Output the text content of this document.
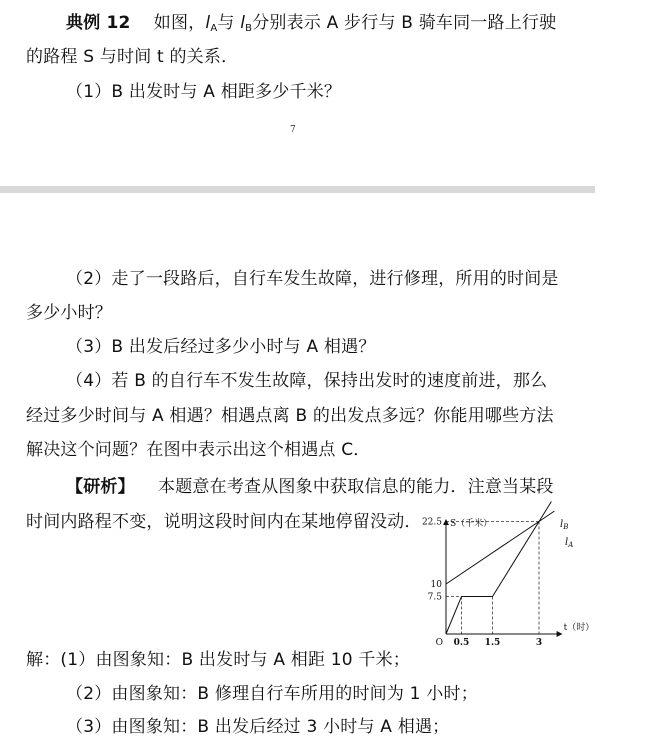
典例 12 如图，$l_A$与 $l_B$分别表示 A 步行与 B 骑车同一路上行驶
的路程 S 与时间 t 的关系．
（1）B 出发时与 A 相距多少千米？
7
（2）走了一段路后，自行车发生故障，进行修理，所用的时间是
多少小时？
（3）B 出发后经过多少小时与 A 相遇？
（4）若 B 的自行车不发生故障，保持出发时的速度前进，那么
经过多少时间与 A 相遇？相遇点离 B 的出发点多远？你能用哪些方法
解决这个问题？在图中表示出这个相遇点 C．
【研析】 本题意在考查从图象中获取信息的能力．注意当某段
时间内路程不变，说明这段时间内在某地停留没动．
解：(1）由图象知：B 出发时与 A 相距 10 千米；
（2）由图象知：B 修理自行车所用的时间为 1 小时；
（3）由图象知：B 出发后经过 3 小时与 A 相遇；
7.5
10
22.5
0.5 1.5	3
O
S（千米）
t（时）
$l_B$
$l_A$
